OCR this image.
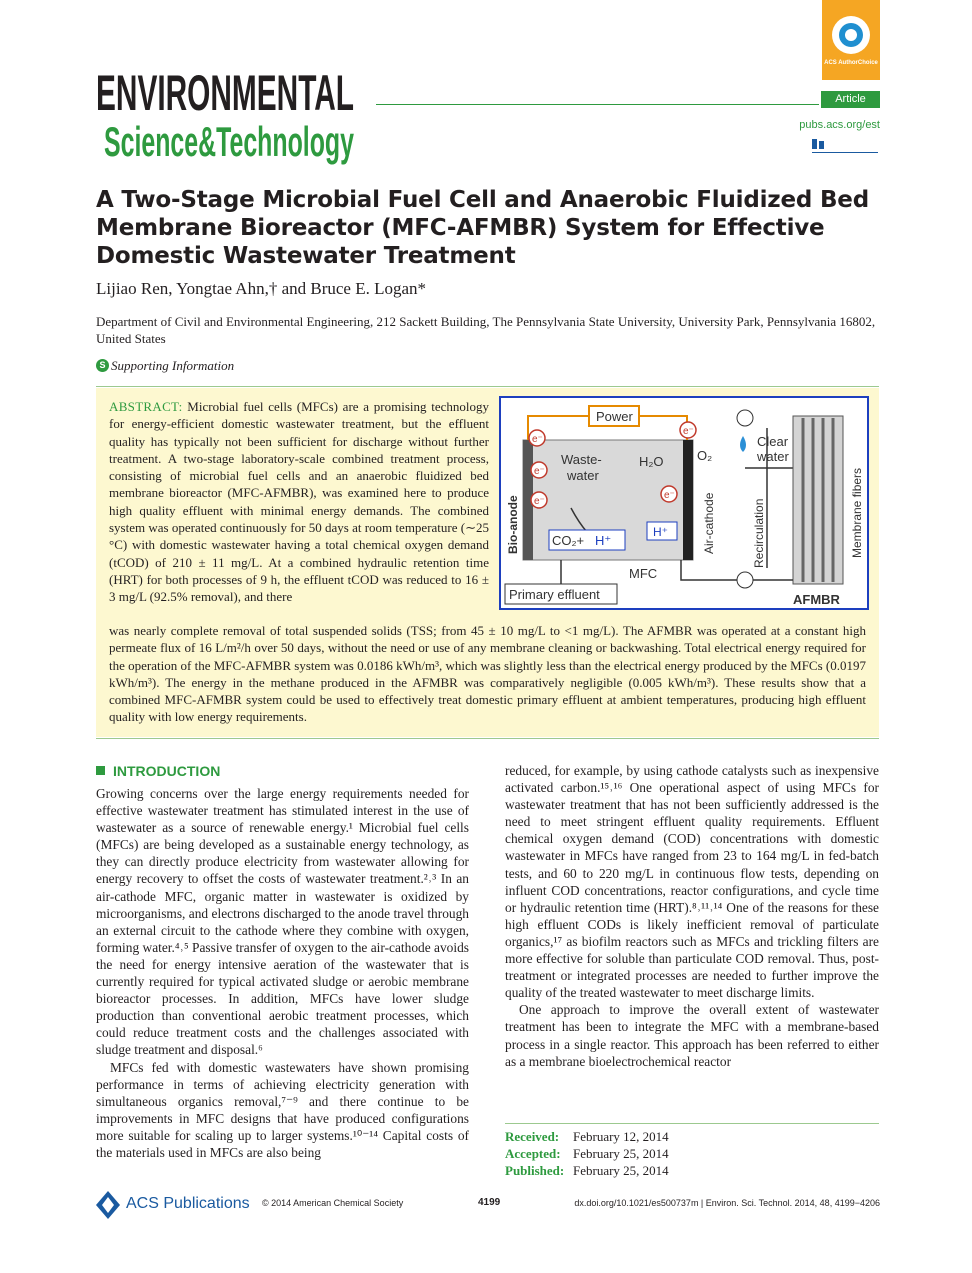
ENVIRONMENTAL
Science&Technology
ACS AuthorChoice
Article
pubs.acs.org/est
A Two-Stage Microbial Fuel Cell and Anaerobic Fluidized Bed Membrane Bioreactor (MFC-AFMBR) System for Effective Domestic Wastewater Treatment
Lijiao Ren, Yongtae Ahn,† and Bruce E. Logan*
Department of Civil and Environmental Engineering, 212 Sackett Building, The Pennsylvania State University, University Park, Pennsylvania 16802, United States
S Supporting Information
ABSTRACT: Microbial fuel cells (MFCs) are a promising technology for energy-efficient domestic wastewater treatment, but the effluent quality has typically not been sufficient for discharge without further treatment. A two-stage laboratory-scale combined treatment process, consisting of microbial fuel cells and an anaerobic fluidized bed membrane bioreactor (MFC-AFMBR), was examined here to produce high quality effluent with minimal energy demands. The combined system was operated continuously for 50 days at room temperature (∼25 °C) with domestic wastewater having a total chemical oxygen demand (tCOD) of 210 ± 11 mg/L. At a combined hydraulic retention time (HRT) for both processes of 9 h, the effluent tCOD was reduced to 16 ± 3 mg/L (92.5% removal), and there
was nearly complete removal of total suspended solids (TSS; from 45 ± 10 mg/L to <1 mg/L). The AFMBR was operated at a constant high permeate flux of 16 L/m²/h over 50 days, without the need or use of any membrane cleaning or backwashing. Total electrical energy required for the operation of the MFC-AFMBR system was 0.0186 kWh/m³, which was slightly less than the electrical energy produced by the MFCs (0.0197 kWh/m³). The energy in the methane produced in the AFMBR was comparatively negligible (0.005 kWh/m³). These results show that a combined MFC-AFMBR system could be used to effectively treat domestic primary effluent at ambient temperatures, producing high effluent quality with low energy requirements.
Power
e⁻
e⁻
e⁻
e⁻
e⁻
Waste-
water
H₂O	O₂
CO₂+ H⁺
H⁺
Bio-anode	Air-cathode	Recirculation	Membrane fibers
Clear
water
AFMBR
MFC
Primary effluent
INTRODUCTION

Growing concerns over the large energy requirements needed for effective wastewater treatment has stimulated interest in the use of wastewater as a source of renewable energy.¹ Microbial fuel cells (MFCs) are being developed as a sustainable energy technology, as they can directly produce electricity from wastewater allowing for energy recovery to offset the costs of wastewater treatment.²˒³ In an air-cathode MFC, organic matter in wastewater is oxidized by microorganisms, and electrons discharged to the anode travel through an external circuit to the cathode where they combine with oxygen, forming water.⁴˒⁵ Passive transfer of oxygen to the air-cathode avoids the need for energy intensive aeration of the wastewater that is currently required for typical activated sludge or aerobic membrane bioreactor processes. In addition, MFCs have lower sludge production than conventional aerobic treatment processes, which could reduce treatment costs and the challenges associated with sludge treatment and disposal.⁶

MFCs fed with domestic wastewaters have shown promising performance in terms of achieving electricity generation with simultaneous organics removal,⁷⁻⁹ and there continue to be improvements in MFC designs that have produced configurations more suitable for scaling up to larger systems.¹⁰⁻¹⁴ Capital costs of the materials used in MFCs are also being

reduced, for example, by using cathode catalysts such as inexpensive activated carbon.¹⁵˒¹⁶ One operational aspect of using MFCs for wastewater treatment that has not been sufficiently addressed is the need to meet stringent effluent quality requirements. Effluent chemical oxygen demand (COD) concentrations with domestic wastewater in MFCs have ranged from 23 to 164 mg/L in fed-batch tests, and 60 to 220 mg/L in continuous flow tests, depending on influent COD concentrations, reactor configurations, and cycle time or hydraulic retention time (HRT).⁸˒¹¹˒¹⁴ One of the reasons for these high effluent CODs is likely inefficient removal of particulate organics,¹⁷ as biofilm reactors such as MFCs and trickling filters are more effective for soluble than particulate COD removal. Thus, post-treatment or integrated processes are needed to further improve the quality of the treated wastewater to meet discharge limits.

One approach to improve the overall extent of wastewater treatment has been to integrate the MFC with a membrane-based process in a single reactor. This approach has been referred to either as a membrane bioelectrochemical reactor

Received: February 12, 2014
Accepted: February 25, 2014
Published: February 25, 2014
ACS Publications © 2014 American Chemical Society	4199	dx.doi.org/10.1021/es500737m | Environ. Sci. Technol. 2014, 48, 4199−4206
